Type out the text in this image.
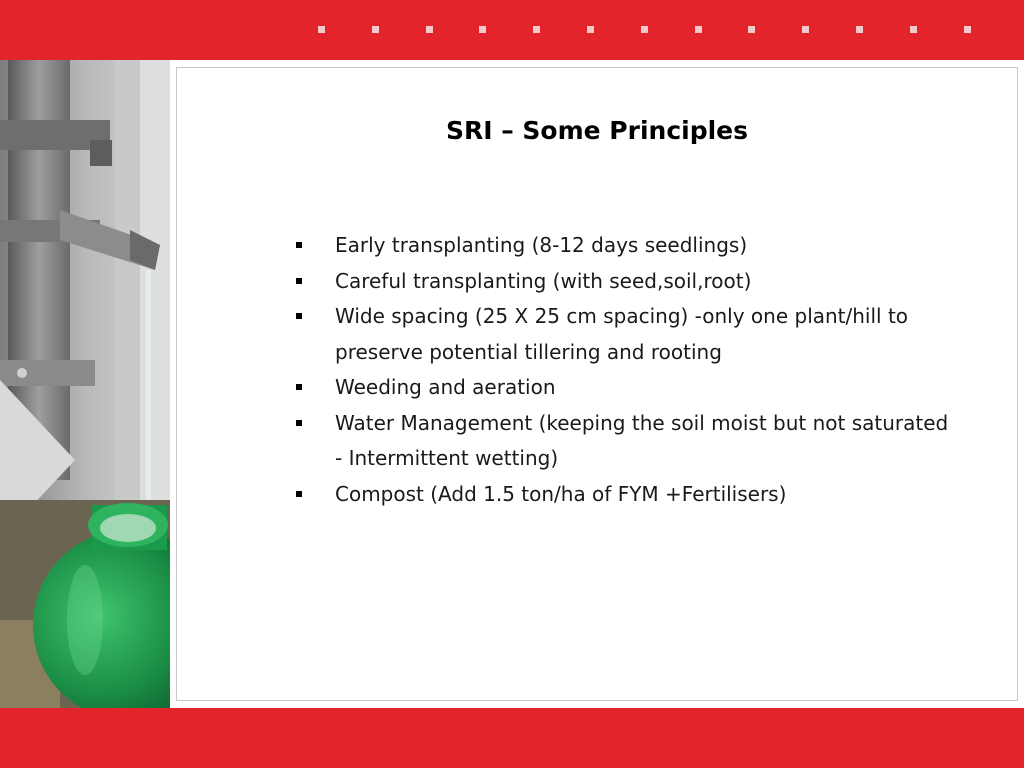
SRI – Some Principles
Early transplanting (8-12 days seedlings)
Careful transplanting (with seed,soil,root)
Wide spacing (25 X 25 cm spacing) -only one plant/hill to preserve potential tillering and rooting
Weeding and aeration
Water Management (keeping the soil moist but not saturated - Intermittent wetting)
Compost (Add 1.5 ton/ha of FYM +Fertilisers)
